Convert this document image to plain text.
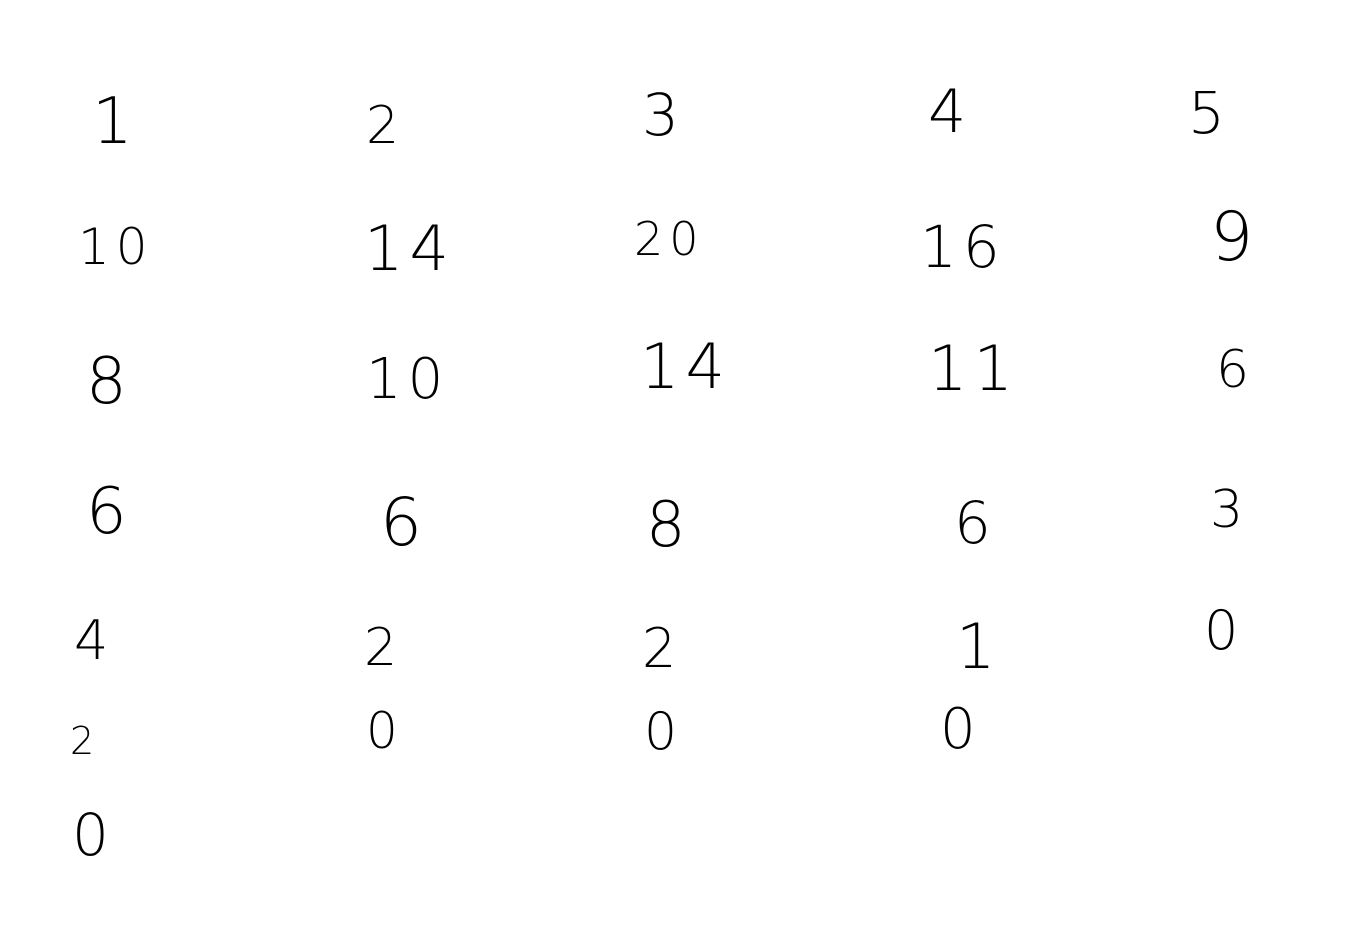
1
10
8
6
4
2
0
2
14
10
6
2
0
3
20
14
8
2
0
4
16
11
6
1
0
5
9
6
3
0
